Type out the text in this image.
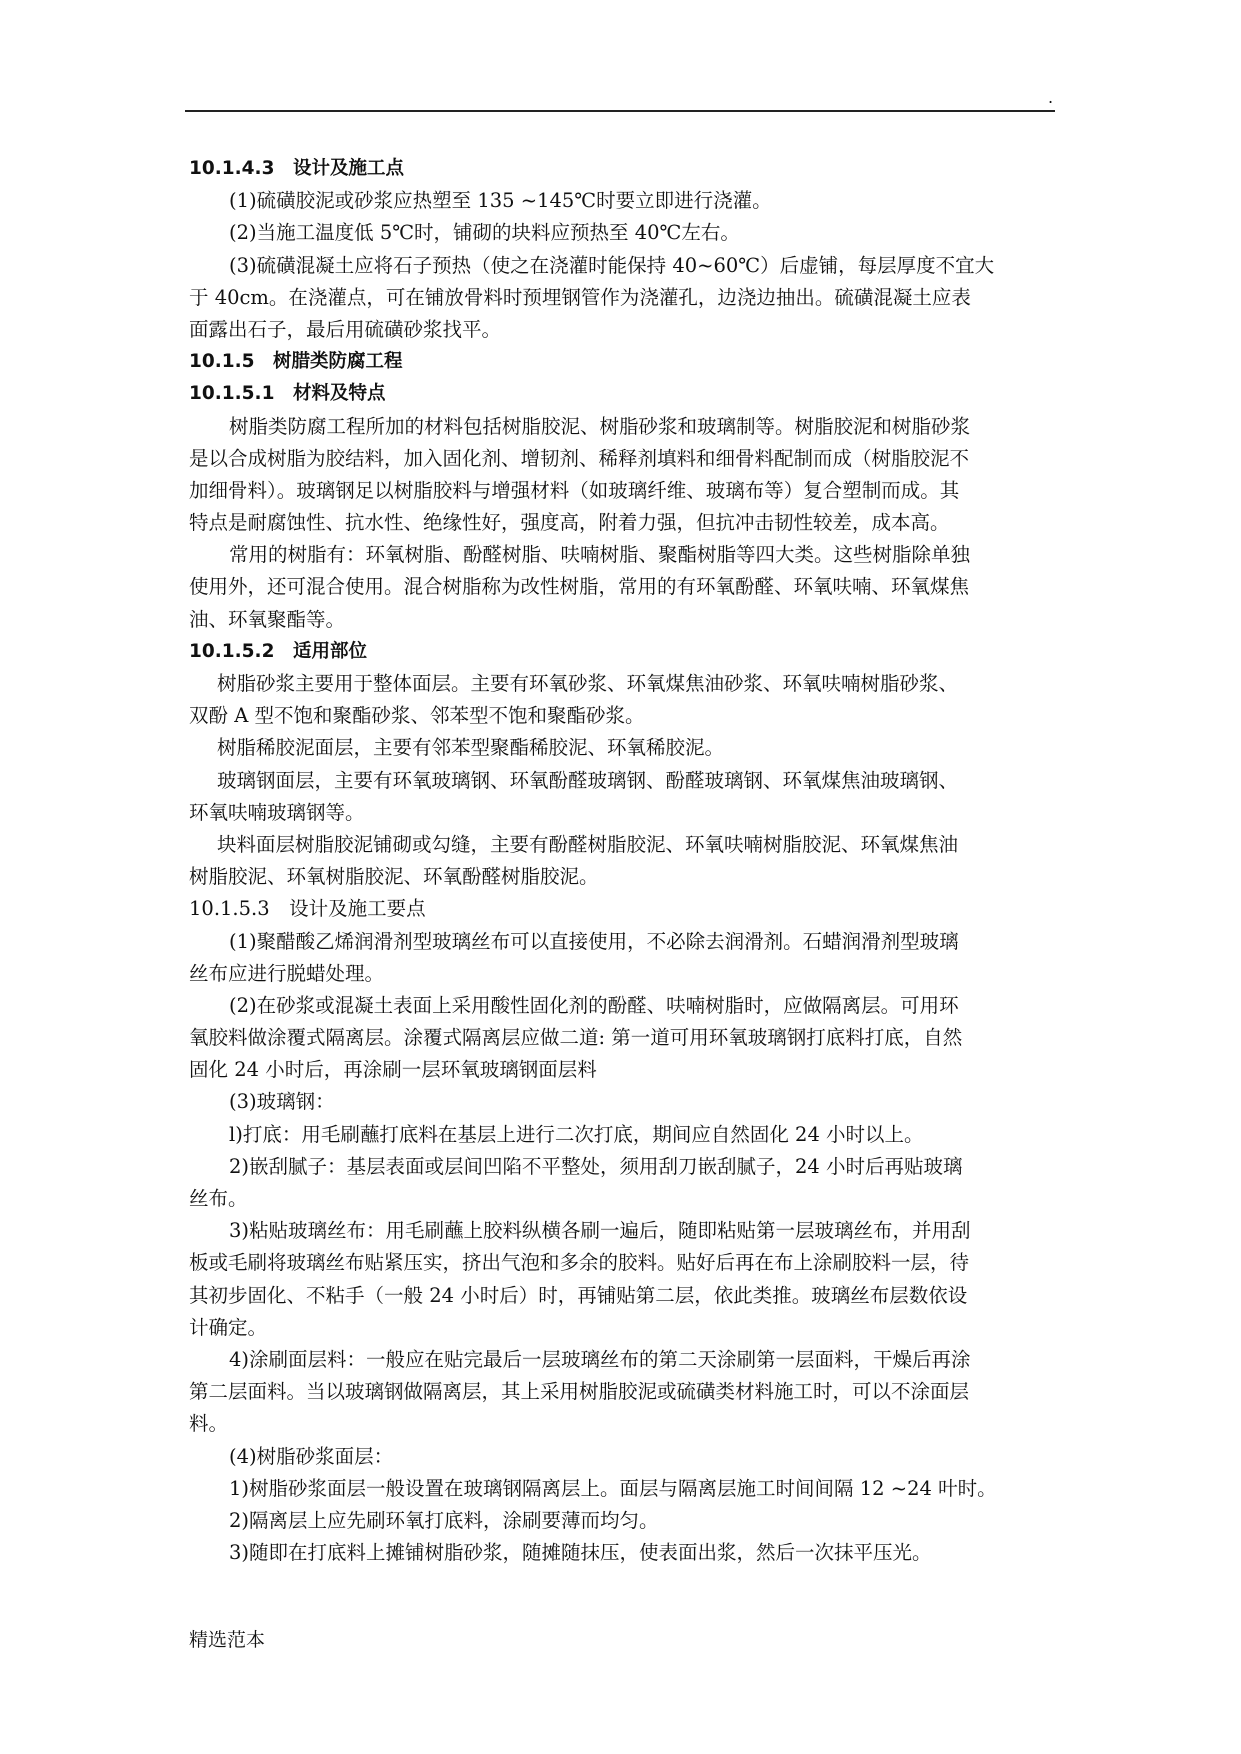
.
10.1.4.3　设计及施工点
(1)硫磺胶泥或砂浆应热塑至 135 ~145℃时要立即进行浇灌。
(2)当施工温度低 5℃时，铺砌的块料应预热至 40℃左右。
(3)硫磺混凝土应将石子预热（使之在浇灌时能保持 40~60℃）后虚铺，每层厚度不宜大
于 40cm。在浇灌点，可在铺放骨料时预埋钢管作为浇灌孔，边浇边抽出。硫磺混凝土应表
面露出石子，最后用硫磺砂浆找平。
10.1.5　树腊类防腐工程
10.1.5.1　材料及特点
树脂类防腐工程所加的材料包括树脂胶泥、树脂砂浆和玻璃制等。树脂胶泥和树脂砂浆
是以合成树脂为胶结料，加入固化剂、增韧剂、稀释剂填料和细骨料配制而成（树脂胶泥不
加细骨料）。玻璃钢足以树脂胶料与增强材料（如玻璃纤维、玻璃布等）复合塑制而成。其
特点是耐腐蚀性、抗水性、绝缘性好，强度高，附着力强，但抗冲击韧性较差，成本高。
常用的树脂有：环氧树脂、酚醛树脂、呋喃树脂、聚酯树脂等四大类。这些树脂除单独
使用外，还可混合使用。混合树脂称为改性树脂，常用的有环氧酚醛、环氧呋喃、环氧煤焦
油、环氧聚酯等。
10.1.5.2　适用部位
树脂砂浆主要用于整体面层。主要有环氧砂浆、环氧煤焦油砂浆、环氧呋喃树脂砂浆、
双酚 A 型不饱和聚酯砂浆、邻苯型不饱和聚酯砂浆。
树脂稀胶泥面层，主要有邻苯型聚酯稀胶泥、环氧稀胶泥。
玻璃钢面层，主要有环氧玻璃钢、环氧酚醛玻璃钢、酚醛玻璃钢、环氧煤焦油玻璃钢、
环氧呋喃玻璃钢等。
块料面层树脂胶泥铺砌或勾缝，主要有酚醛树脂胶泥、环氧呋喃树脂胶泥、环氧煤焦油
树脂胶泥、环氧树脂胶泥、环氧酚醛树脂胶泥。
10.1.5.3　设计及施工要点
(1)聚醋酸乙烯润滑剂型玻璃丝布可以直接使用，不必除去润滑剂。石蜡润滑剂型玻璃
丝布应进行脱蜡处理。
(2)在砂浆或混凝土表面上采用酸性固化剂的酚醛、呋喃树脂时，应做隔离层。可用环
氧胶料做涂覆式隔离层。涂覆式隔离层应做二道: 第一道可用环氧玻璃钢打底料打底，自然
固化 24 小时后，再涂刷一层环氧玻璃钢面层料
(3)玻璃钢：
l)打底：用毛刷蘸打底料在基层上进行二次打底，期间应自然固化 24 小时以上。
2)嵌刮腻子：基层表面或层间凹陷不平整处，须用刮刀嵌刮腻子，24 小时后再贴玻璃
丝布。
3)粘贴玻璃丝布：用毛刷蘸上胶料纵横各刷一遍后，随即粘贴第一层玻璃丝布，并用刮
板或毛刷将玻璃丝布贴紧压实，挤出气泡和多余的胶料。贴好后再在布上涂刷胶料一层，待
其初步固化、不粘手（一般 24 小时后）时，再铺贴第二层，依此类推。玻璃丝布层数依设
计确定。
4)涂刷面层料：一般应在贴完最后一层玻璃丝布的第二天涂刷第一层面料，干燥后再涂
第二层面料。当以玻璃钢做隔离层，其上采用树脂胶泥或硫磺类材料施工时，可以不涂面层
料。
(4)树脂砂浆面层：
1)树脂砂浆面层一般设置在玻璃钢隔离层上。面层与隔离层施工时间间隔 12 ~24 叶时。
2)隔离层上应先刷环氧打底料，涂刷要薄而均匀。
3)随即在打底料上摊铺树脂砂浆，随摊随抹压，使表面出浆，然后一次抹平压光。
精选范本
